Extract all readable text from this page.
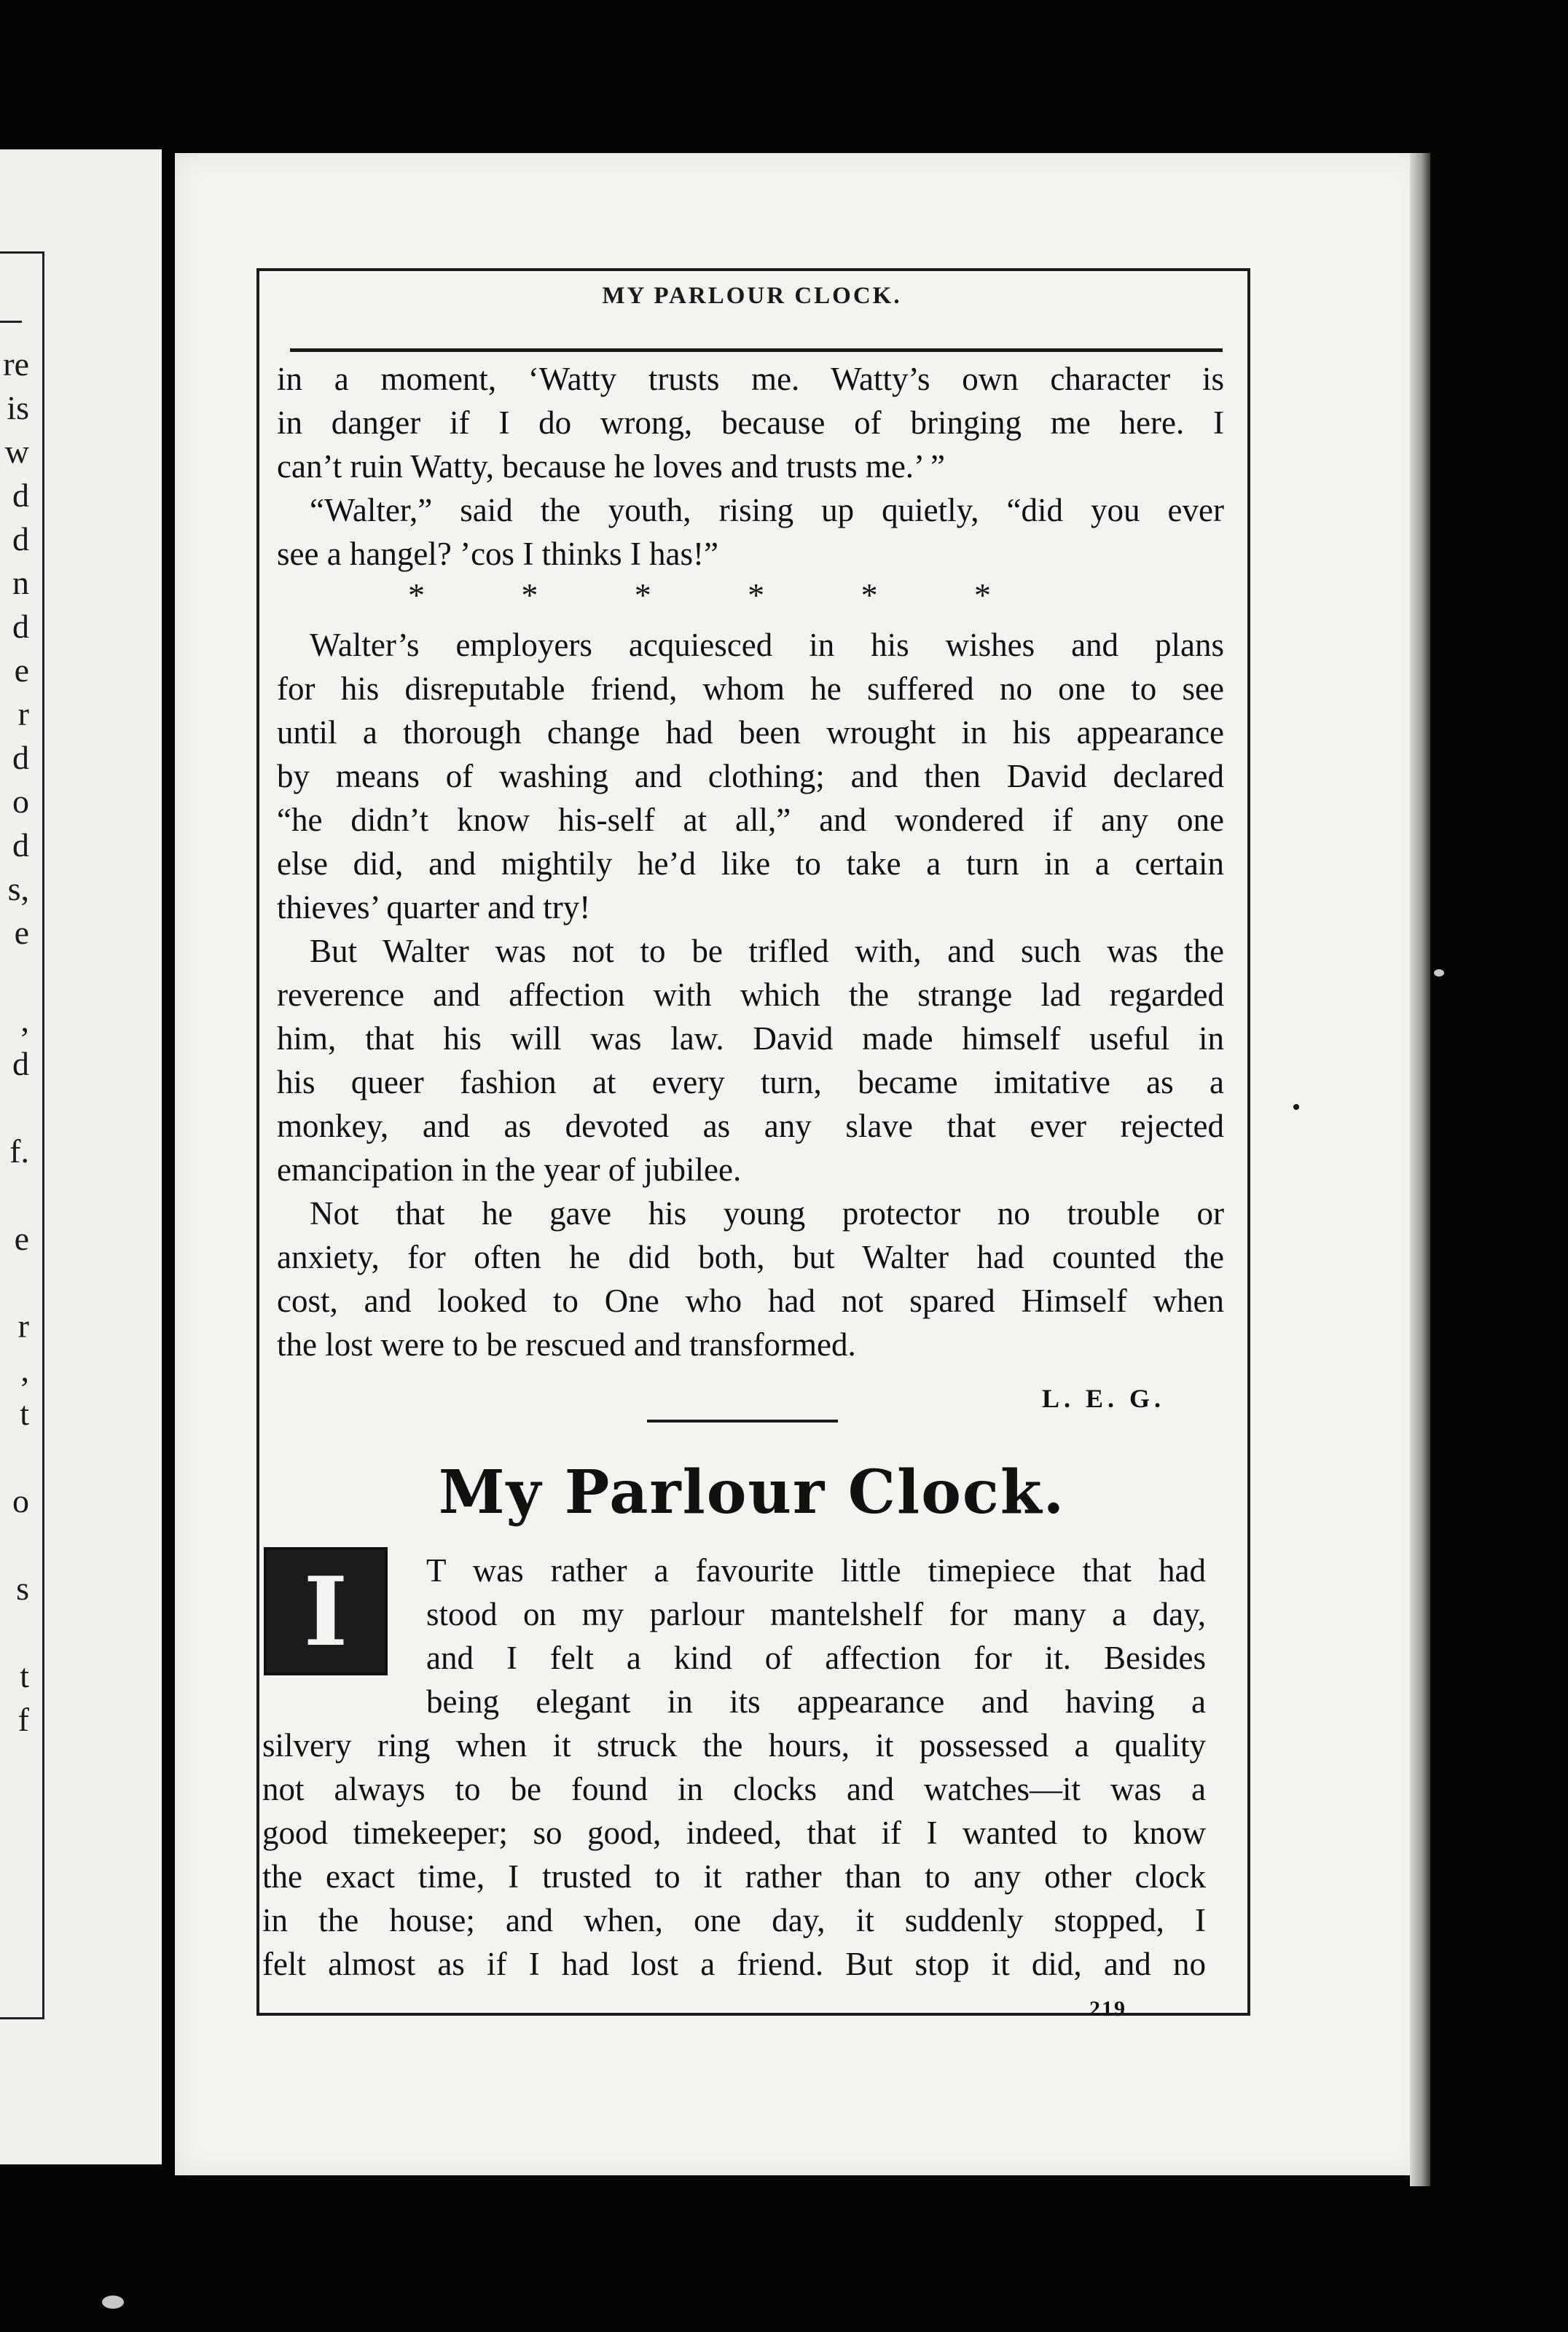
re
is
w
d
d
n
d
e
r
d
o
d
s,
e
,
d
f.
e
r
,
t
o
s
t
f
MY PARLOUR CLOCK.
in a moment, ‘Watty trusts me. Watty’s own character is
in danger if I do wrong, because of bringing me here. I
can’t ruin Watty, because he loves and trusts me.’ ”
“Walter,” said the youth, rising up quietly, “did you ever
see a hangel? ’cos I thinks I has!”
*	*	*	*	*	*
Walter’s employers acquiesced in his wishes and plans
for his disreputable friend, whom he suffered no one to see
until a thorough change had been wrought in his appearance
by means of washing and clothing; and then David declared
“he didn’t know his-self at all,” and wondered if any one
else did, and mightily he’d like to take a turn in a certain
thieves’ quarter and try!
But Walter was not to be trifled with, and such was the
reverence and affection with which the strange lad regarded
him, that his will was law. David made himself useful in
his queer fashion at every turn, became imitative as a
monkey, and as devoted as any slave that ever rejected
emancipation in the year of jubilee.
Not that he gave his young protector no trouble or
anxiety, for often he did both, but Walter had counted the
cost, and looked to One who had not spared Himself when
the lost were to be rescued and transformed.
L. E. G.
My Parlour Clock.
I T was rather a favourite little timepiece that had
stood on my parlour mantelshelf for many a day,
and I felt a kind of affection for it. Besides
being elegant in its appearance and having a
silvery ring when it struck the hours, it possessed a quality
not always to be found in clocks and watches—it was a
good timekeeper; so good, indeed, that if I wanted to know
the exact time, I trusted to it rather than to any other clock
in the house; and when, one day, it suddenly stopped, I
felt almost as if I had lost a friend. But stop it did, and no
219
